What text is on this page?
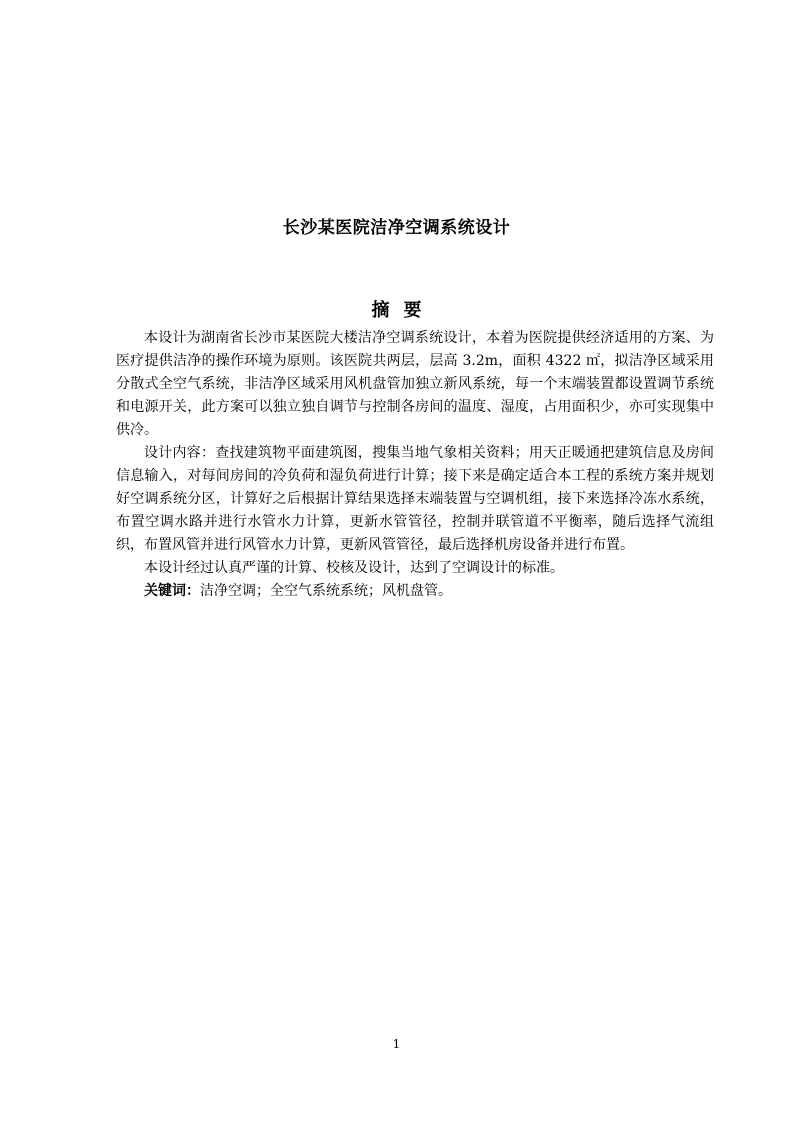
长沙某医院洁净空调系统设计
摘要

本设计为湖南省长沙市某医院大楼洁净空调系统设计，本着为医院提供经济适用的方案、为医疗提供洁净的操作环境为原则。该医院共两层，层高 3.2m，面积 4322 ㎡，拟洁净区域采用分散式全空气系统，非洁净区域采用风机盘管加独立新风系统，每一个末端装置都设置调节系统和电源开关，此方案可以独立独自调节与控制各房间的温度、湿度，占用面积少，亦可实现集中供冷。

设计内容：查找建筑物平面建筑图，搜集当地气象相关资料；用天正暖通把建筑信息及房间信息输入，对每间房间的冷负荷和湿负荷进行计算；接下来是确定适合本工程的系统方案并规划好空调系统分区，计算好之后根据计算结果选择末端装置与空调机组，接下来选择冷冻水系统，布置空调水路并进行水管水力计算，更新水管管径，控制并联管道不平衡率，随后选择气流组织，布置风管并进行风管水力计算，更新风管管径，最后选择机房设备并进行布置。

本设计经过认真严谨的计算、校核及设计，达到了空调设计的标准。

关键词：洁净空调；全空气系统系统；风机盘管。

1
